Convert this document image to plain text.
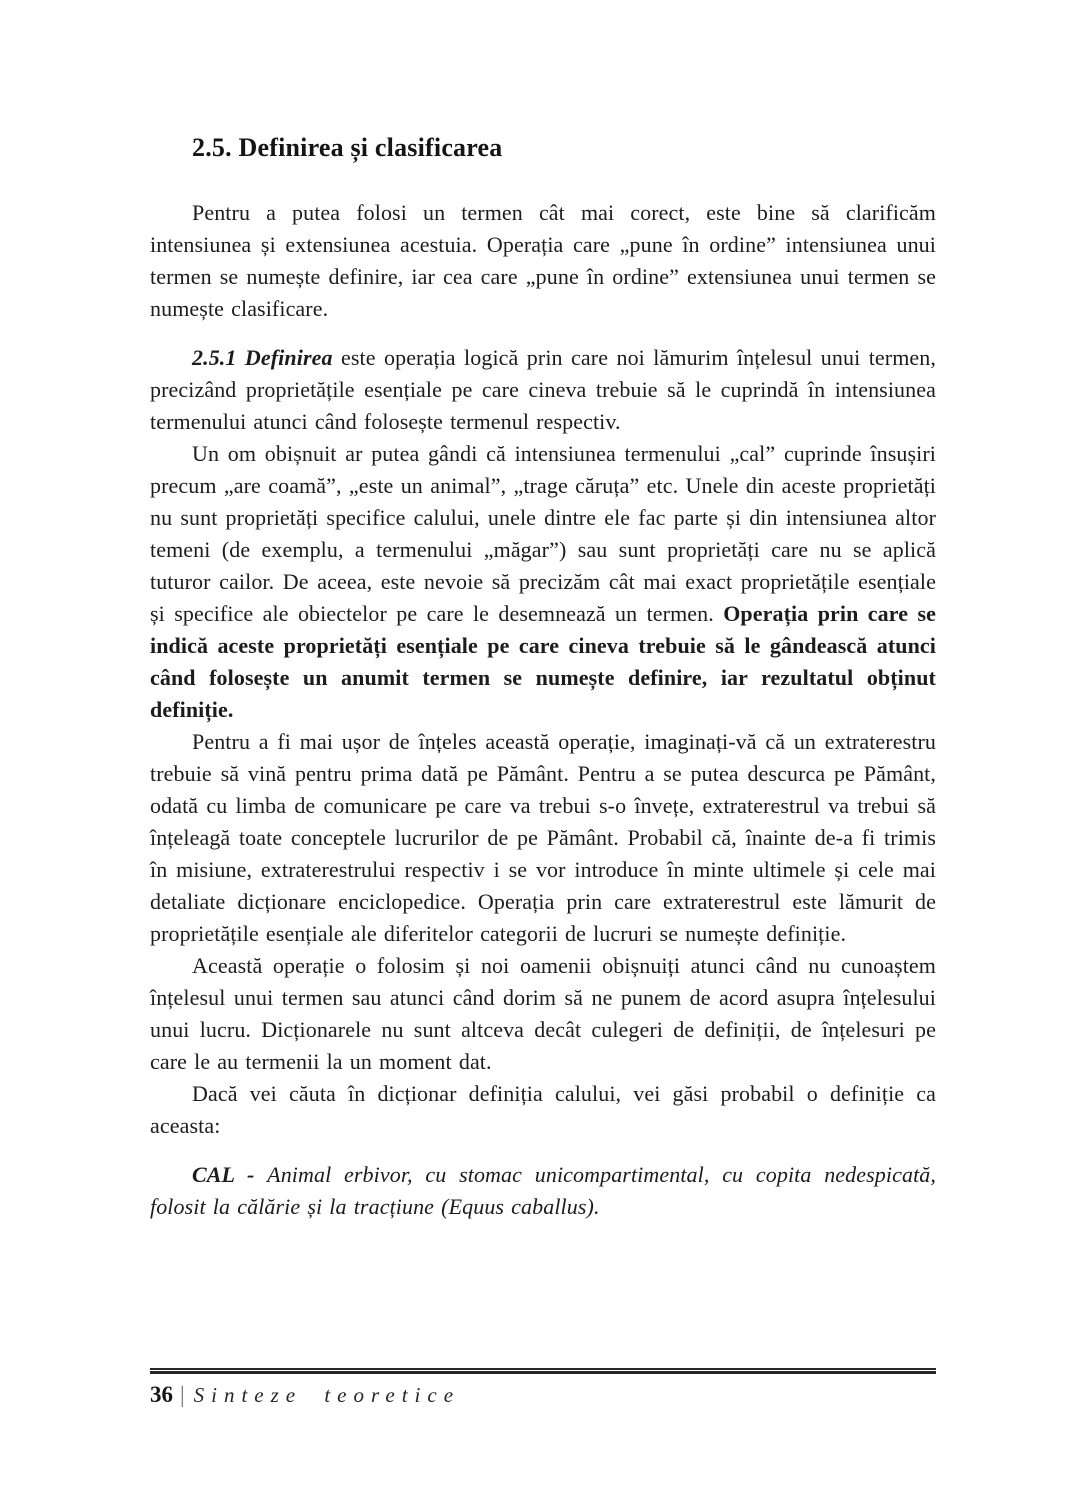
2.5. Definirea și clasificarea

Pentru a putea folosi un termen cât mai corect, este bine să clarificăm intensiunea și extensiunea acestuia. Operația care „pune în ordine” intensiunea unui termen se numește definire, iar cea care „pune în ordine” extensiunea unui termen se numește clasificare.

2.5.1 Definirea este operația logică prin care noi lămurim înțelesul unui termen, precizând proprietățile esențiale pe care cineva trebuie să le cuprindă în intensiunea termenului atunci când folosește termenul respectiv.

Un om obișnuit ar putea gândi că intensiunea termenului „cal” cuprinde însușiri precum „are coamă”, „este un animal”, „trage căruța” etc. Unele din aceste proprietăți nu sunt proprietăți specifice calului, unele dintre ele fac parte și din intensiunea altor temeni (de exemplu, a termenului „măgar”) sau sunt proprietăți care nu se aplică tuturor cailor. De aceea, este nevoie să precizăm cât mai exact proprietățile esențiale și specifice ale obiectelor pe care le desemnează un termen. Operația prin care se indică aceste proprietăți esențiale pe care cineva trebuie să le gândească atunci când folosește un anumit termen se numește definire, iar rezultatul obținut definiție.

Pentru a fi mai ușor de înțeles această operație, imaginați-vă că un extraterestru trebuie să vină pentru prima dată pe Pământ. Pentru a se putea descurca pe Pământ, odată cu limba de comunicare pe care va trebui s-o învețe, extraterestrul va trebui să înțeleagă toate conceptele lucrurilor de pe Pământ. Probabil că, înainte de-a fi trimis în misiune, extraterestrului respectiv i se vor introduce în minte ultimele și cele mai detaliate dicționare enciclopedice. Operația prin care extraterestrul este lămurit de proprietățile esențiale ale diferitelor categorii de lucruri se numește definiție.

Această operație o folosim și noi oamenii obișnuiți atunci când nu cunoaștem înțelesul unui termen sau atunci când dorim să ne punem de acord asupra înțelesului unui lucru. Dicționarele nu sunt altceva decât culegeri de definiții, de înțelesuri pe care le au termenii la un moment dat.

Dacă vei căuta în dicționar definiția calului, vei găsi probabil o definiție ca aceasta:

CAL - Animal erbivor, cu stomac unicompartimental, cu copita nedespicată, folosit la călărie și la tracțiune (Equus caballus).

36 | Sinteze teoretice
